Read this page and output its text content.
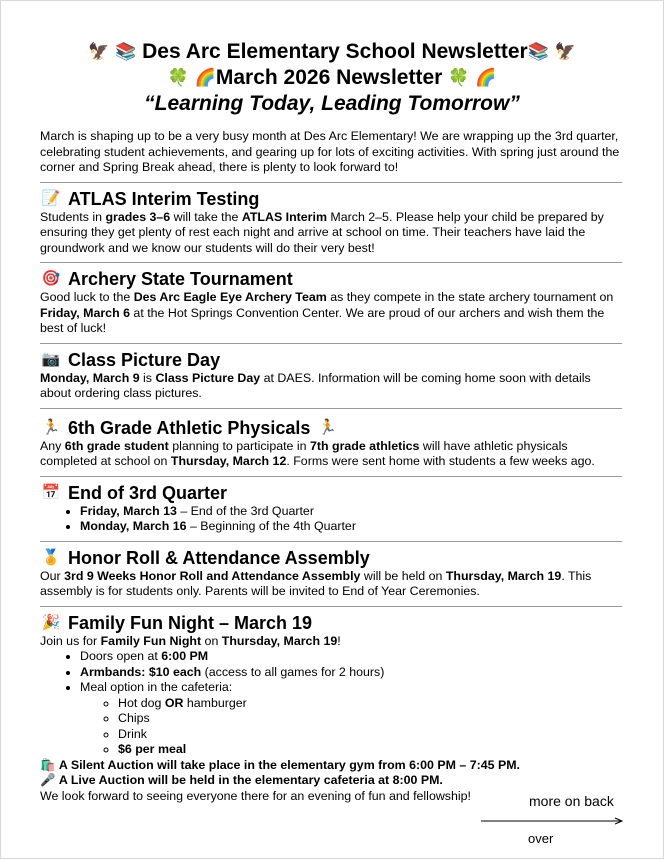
🦅 📚 Des Arc Elementary School Newsletter📚 🦅
🍀 🌈March 2026 Newsletter 🍀 🌈
“Learning Today, Leading Tomorrow”

March is shaping up to be a very busy month at Des Arc Elementary! We are wrapping up the 3rd quarter, celebrating student achievements, and gearing up for lots of exciting activities. With spring just around the corner and Spring Break ahead, there is plenty to look forward to!

📝 ATLAS Interim Testing

Students in grades 3–6 will take the ATLAS Interim March 2–5. Please help your child be prepared by ensuring they get plenty of rest each night and arrive at school on time. Their teachers have laid the groundwork and we know our students will do their very best!

🎯 Archery State Tournament

Good luck to the Des Arc Eagle Eye Archery Team as they compete in the state archery tournament on Friday, March 6 at the Hot Springs Convention Center. We are proud of our archers and wish them the best of luck!

📷 Class Picture Day

Monday, March 9 is Class Picture Day at DAES. Information will be coming home soon with details about ordering class pictures.

🏃 6th Grade Athletic Physicals 🏃

Any 6th grade student planning to participate in 7th grade athletics will have athletic physicals completed at school on Thursday, March 12. Forms were sent home with students a few weeks ago.

📅 End of 3rd Quarter
• Friday, March 13 – End of the 3rd Quarter
• Monday, March 16 – Beginning of the 4th Quarter
🏅 Honor Roll & Attendance Assembly

Our 3rd 9 Weeks Honor Roll and Attendance Assembly will be held on Thursday, March 19. This assembly is for students only. Parents will be invited to End of Year Ceremonies.

🎉 Family Fun Night – March 19

Join us for Family Fun Night on Thursday, March 19!

• Doors open at 6:00 PM
• Armbands: $10 each (access to all games for 2 hours)
• Meal option in the cafeteria:
◦ Hot dog OR hamburger
◦ Chips
◦ Drink
◦ $6 per meal

🛍️ A Silent Auction will take place in the elementary gym from 6:00 PM – 7:45 PM.

🎤 A Live Auction will be held in the elementary cafeteria at 8:00 PM.

We look forward to seeing everyone there for an evening of fun and fellowship!	more on back
over
